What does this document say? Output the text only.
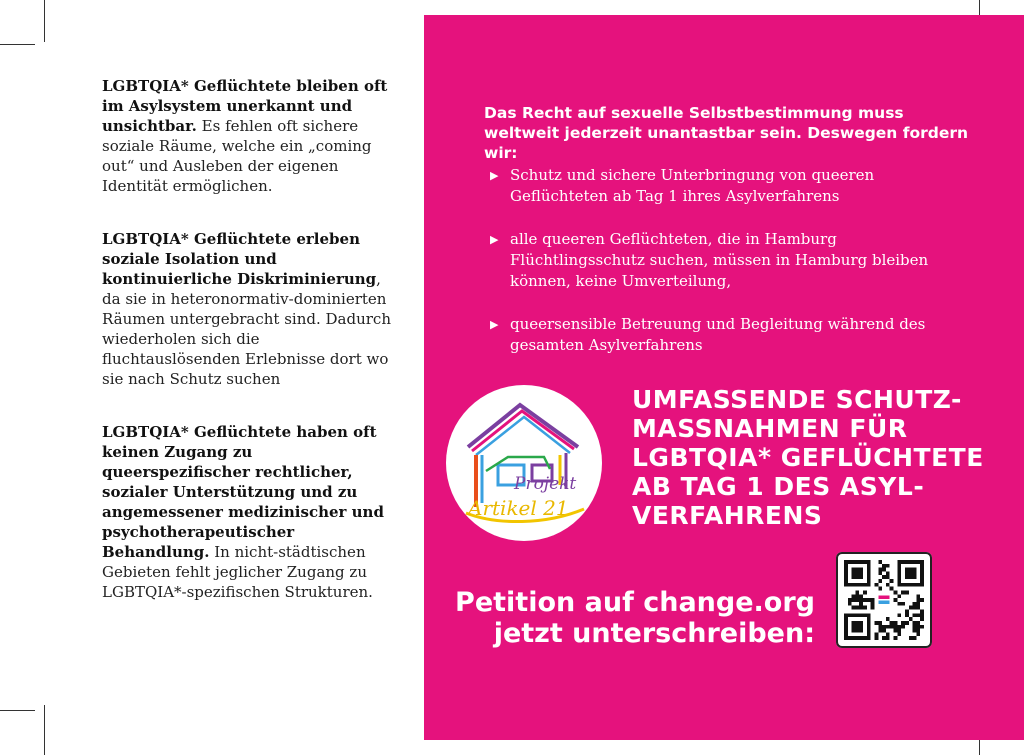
LGBTQIA* Geflüchtete bleiben oft im Asylsystem unerkannt und unsichtbar. Es fehlen oft sichere soziale Räume, welche ein „coming out“ und Ausleben der eigenen Identität ermöglichen.

LGBTQIA* Geflüchtete erleben soziale Isolation und kontinuierliche Diskriminierung, da sie in heteronormativ-dominierten Räumen untergebracht sind. Dadurch wiederholen sich die fluchtauslösenden Erlebnisse dort wo sie nach Schutz suchen

LGBTQIA* Geflüchtete haben oft keinen Zugang zu queerspezifischer rechtlicher, sozialer Unterstützung und zu angemessener medizinischer und psychotherapeutischer Behandlung. In nicht-städtischen Gebieten fehlt jeglicher Zugang zu LGBTQIA*-spezifischen Strukturen.

Das Recht auf sexuelle Selbstbestimmung muss weltweit jederzeit unantastbar sein. Deswegen fordern wir:
▶ Schutz und sichere Unterbringung von queeren Geflüchteten ab Tag 1 ihres Asylverfahrens
▶ alle queeren Geflüchteten, die in Hamburg Flüchtlingsschutz suchen, müssen in Hamburg bleiben können, keine Umverteilung,
▶ queersensible Betreuung und Begleitung während des gesamten Asylverfahrens
Projekt
Artikel 21
UMFASSENDE SCHUTZ-
MASSNAHMEN FÜR
LGBTQIA* GEFLÜCHTETE
AB TAG 1 DES ASYL-
VERFAHRENS
Petition auf change.org
jetzt unterschreiben:
